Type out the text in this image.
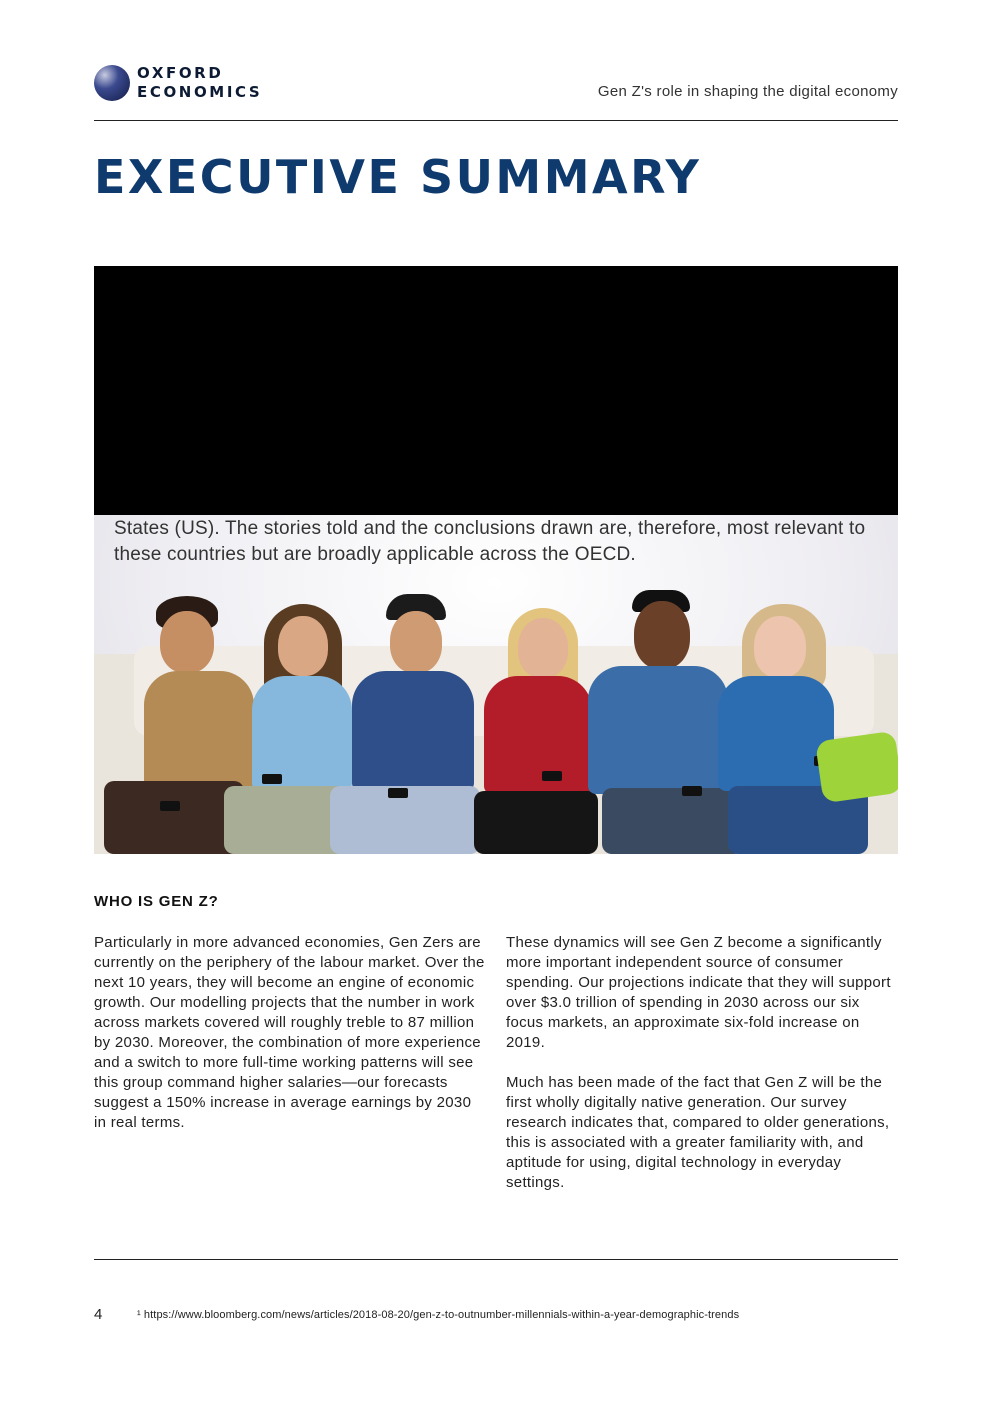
OXFORD
ECONOMICS	Gen Z's role in shaping the digital economy
EXECUTIVE SUMMARY

States (US). The stories told and the conclusions drawn are, therefore, most relevant to these countries but are broadly applicable across the OECD.

WHO IS GEN Z?

Particularly in more advanced economies, Gen Zers are currently on the periphery of the labour market. Over the next 10 years, they will become an engine of economic growth. Our modelling projects that the number in work across markets covered will roughly treble to 87 million by 2030. Moreover, the combination of more experience and a switch to more full-time working patterns will see this group command higher salaries—our forecasts suggest a 150% increase in average earnings by 2030 in real terms.

These dynamics will see Gen Z become a significantly more important independent source of consumer spending. Our projections indicate that they will support over $3.0 trillion of spending in 2030 across our six focus markets, an approximate six-fold increase on 2019.

Much has been made of the fact that Gen Z will be the first wholly digitally native generation. Our survey research indicates that, compared to older generations, this is associated with a greater familiarity with, and aptitude for using, digital technology in everyday settings.

4	¹ https://www.bloomberg.com/news/articles/2018-08-20/gen-z-to-outnumber-millennials-within-a-year-demographic-trends
